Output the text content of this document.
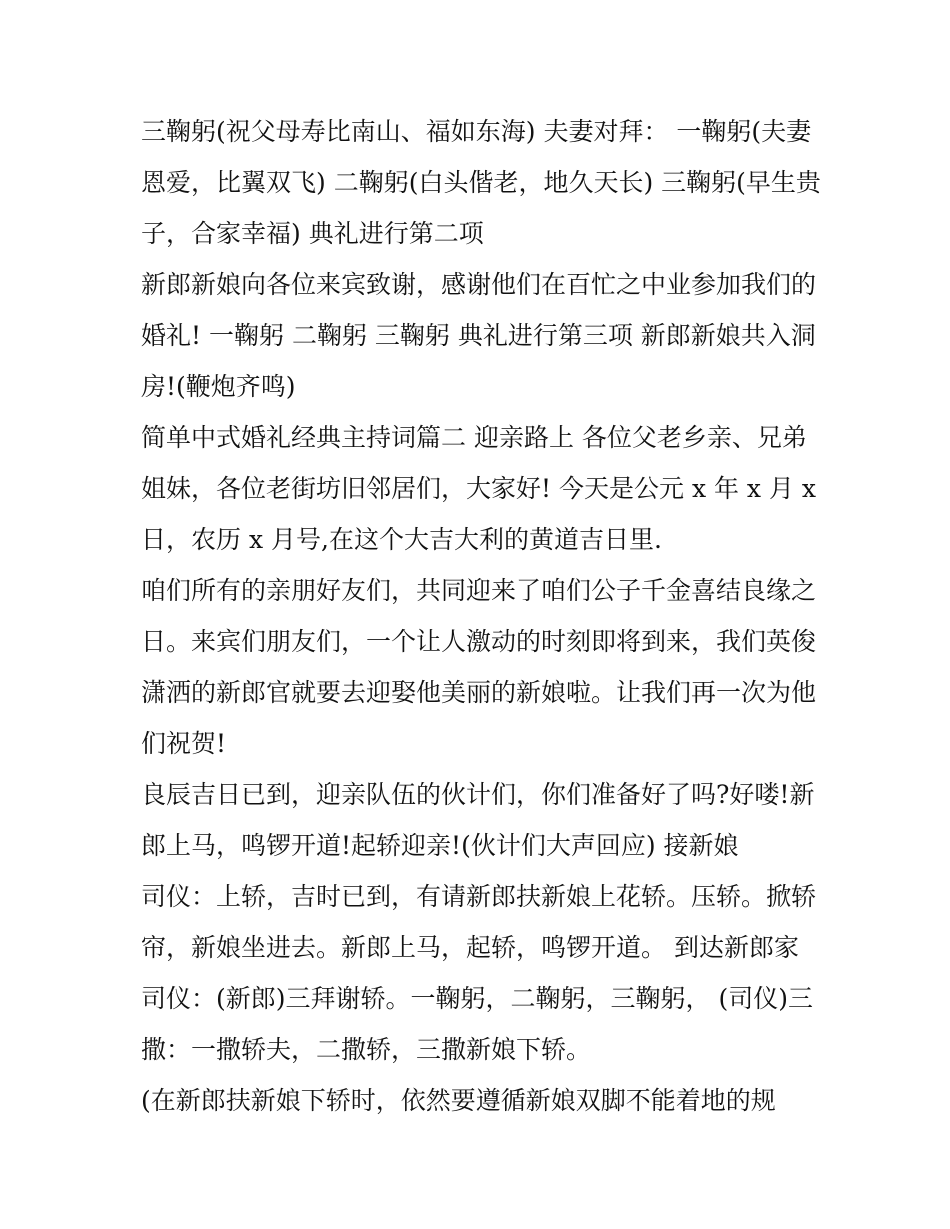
三鞠躬(祝父母寿比南山、福如东海) 夫妻对拜： 一鞠躬(夫妻
恩爱，比翼双飞) 二鞠躬(白头偕老，地久天长) 三鞠躬(早生贵
子，合家幸福) 典礼进行第二项
新郎新娘向各位来宾致谢，感谢他们在百忙之中业参加我们的
婚礼! 一鞠躬 二鞠躬 三鞠躬 典礼进行第三项 新郎新娘共入洞
房!(鞭炮齐鸣)
简单中式婚礼经典主持词篇二 迎亲路上 各位父老乡亲、兄弟
姐妹，各位老街坊旧邻居们，大家好! 今天是公元 x 年 x 月 x
日，农历 x 月号,在这个大吉大利的黄道吉日里.
咱们所有的亲朋好友们，共同迎来了咱们公子千金喜结良缘之
日。来宾们朋友们，一个让人激动的时刻即将到来，我们英俊
潇洒的新郎官就要去迎娶他美丽的新娘啦。让我们再一次为他
们祝贺!
良辰吉日已到，迎亲队伍的伙计们，你们准备好了吗?好喽!新
郎上马，鸣锣开道!起轿迎亲!(伙计们大声回应) 接新娘
司仪：上轿，吉时已到，有请新郎扶新娘上花轿。压轿。掀轿
帘，新娘坐进去。新郎上马，起轿，鸣锣开道。 到达新郎家
司仪：(新郎)三拜谢轿。一鞠躬，二鞠躬，三鞠躬， (司仪)三
撒：一撒轿夫，二撒轿，三撒新娘下轿。
(在新郎扶新娘下轿时，依然要遵循新娘双脚不能着地的规
